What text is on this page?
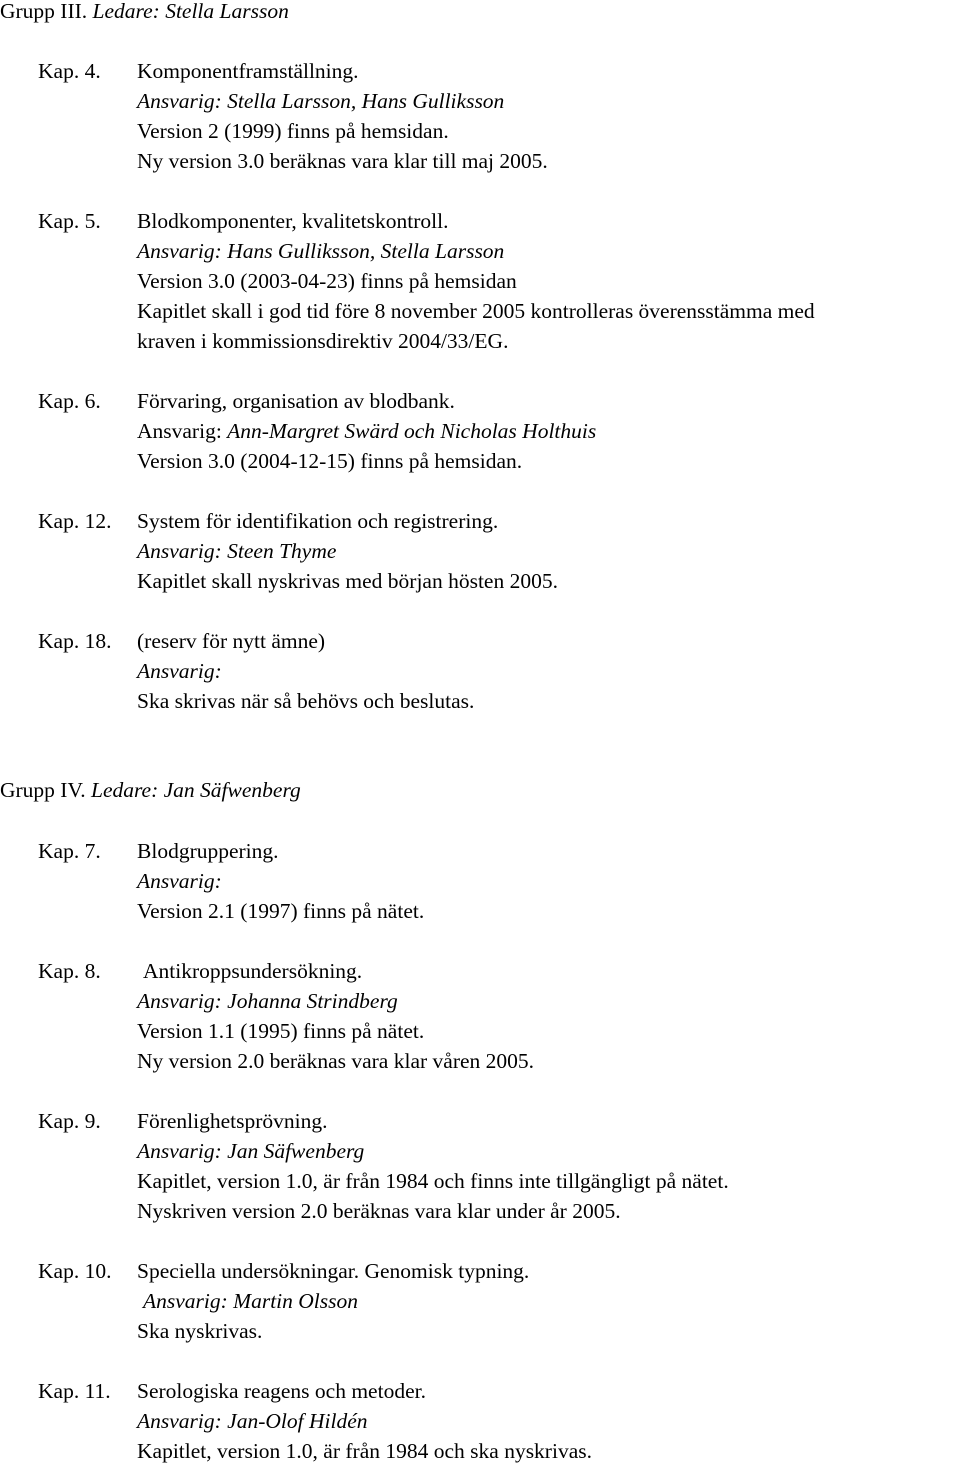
Grupp III. Ledare: Stella Larsson
Kap. 4. Komponentframställning.
Ansvarig: Stella Larsson, Hans Gulliksson
Version 2 (1999) finns på hemsidan.
Ny version 3.0 beräknas vara klar till maj 2005.
Kap. 5. Blodkomponenter, kvalitetskontroll.
Ansvarig: Hans Gulliksson, Stella Larsson
Version 3.0 (2003-04-23) finns på hemsidan
Kapitlet skall i god tid före 8 november 2005 kontrolleras överensstämma med
kraven i kommissionsdirektiv 2004/33/EG.
Kap. 6. Förvaring, organisation av blodbank.
Ansvarig: Ann-Margret Swärd och Nicholas Holthuis
Version 3.0 (2004-12-15) finns på hemsidan.
Kap. 12. System för identifikation och registrering.
Ansvarig: Steen Thyme
Kapitlet skall nyskrivas med början hösten 2005.
Kap. 18. (reserv för nytt ämne)
Ansvarig:
Ska skrivas när så behövs och beslutas.
Grupp IV. Ledare: Jan Säfwenberg
Kap. 7. Blodgruppering.
Ansvarig:
Version 2.1 (1997) finns på nätet.
Kap. 8. Antikroppsundersökning.
Ansvarig: Johanna Strindberg
Version 1.1 (1995) finns på nätet.
Ny version 2.0 beräknas vara klar våren 2005.
Kap. 9. Förenlighetsprövning.
Ansvarig: Jan Säfwenberg
Kapitlet, version 1.0, är från 1984 och finns inte tillgängligt på nätet.
Nyskriven version 2.0 beräknas vara klar under år 2005.
Kap. 10. Speciella undersökningar. Genomisk typning.
Ansvarig: Martin Olsson
Ska nyskrivas.
Kap. 11. Serologiska reagens och metoder.
Ansvarig: Jan-Olof Hildén
Kapitlet, version 1.0, är från 1984 och ska nyskrivas.
